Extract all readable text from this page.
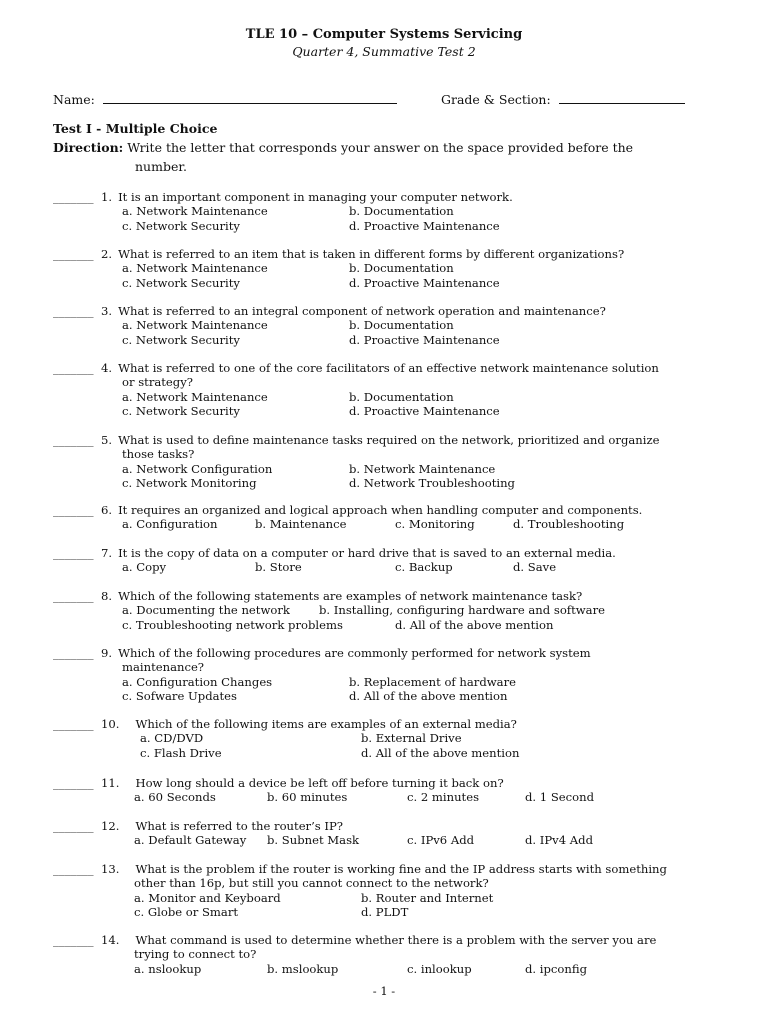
TLE 10 – Computer Systems Servicing
Quarter 4, Summative Test 2
Name:	Grade & Section:
Test I - Multiple Choice
Direction: Write the letter that corresponds your answer on the space provided before the
number.
_______ 1. It is an important component in managing your computer network.
a. Network Maintenance	b. Documentation
c. Network Security	d. Proactive Maintenance
_______ 2. What is referred to an item that is taken in different forms by different organizations?
a. Network Maintenance	b. Documentation
c. Network Security	d. Proactive Maintenance
_______ 3. What is referred to an integral component of network operation and maintenance?
a. Network Maintenance	b. Documentation
c. Network Security	d. Proactive Maintenance
_______ 4. What is referred to one of the core facilitators of an effective network maintenance solution
or strategy?
a. Network Maintenance	b. Documentation
c. Network Security	d. Proactive Maintenance
_______ 5. What is used to define maintenance tasks required on the network, prioritized and organize
those tasks?
a. Network Configuration	b. Network Maintenance
c. Network Monitoring	d. Network Troubleshooting
_______ 6. It requires an organized and logical approach when handling computer and components.
a. Configuration	b. Maintenance	c. Monitoring	d. Troubleshooting
_______ 7. It is the copy of data on a computer or hard drive that is saved to an external media.
a. Copy	b. Store	c. Backup	d. Save
_______ 8. Which of the following statements are examples of network maintenance task?
a. Documenting the network	b. Installing, configuring hardware and software
c. Troubleshooting network problems	d. All of the above mention
_______ 9. Which of the following procedures are commonly performed for network system
maintenance?
a. Configuration Changes	b. Replacement of hardware
c. Sofware Updates	d. All of the above mention
_______ 10. Which of the following items are examples of an external media?
a. CD/DVD	b. External Drive
c. Flash Drive	d. All of the above mention
_______ 11. How long should a device be left off before turning it back on?
a. 60 Seconds	b. 60 minutes	c. 2 minutes	d. 1 Second
_______ 12. What is referred to the router’s IP?
a. Default Gateway b. Subnet Mask	c. IPv6 Add	d. IPv4 Add
_______ 13. What is the problem if the router is working fine and the IP address starts with something
other than 16p, but still you cannot connect to the network?
a. Monitor and Keyboard	b. Router and Internet
c. Globe or Smart	d. PLDT
_______ 14. What command is used to determine whether there is a problem with the server you are
trying to connect to?
a. nslookup	b. mslookup	c. inlookup	d. ipconfig
- 1 -
